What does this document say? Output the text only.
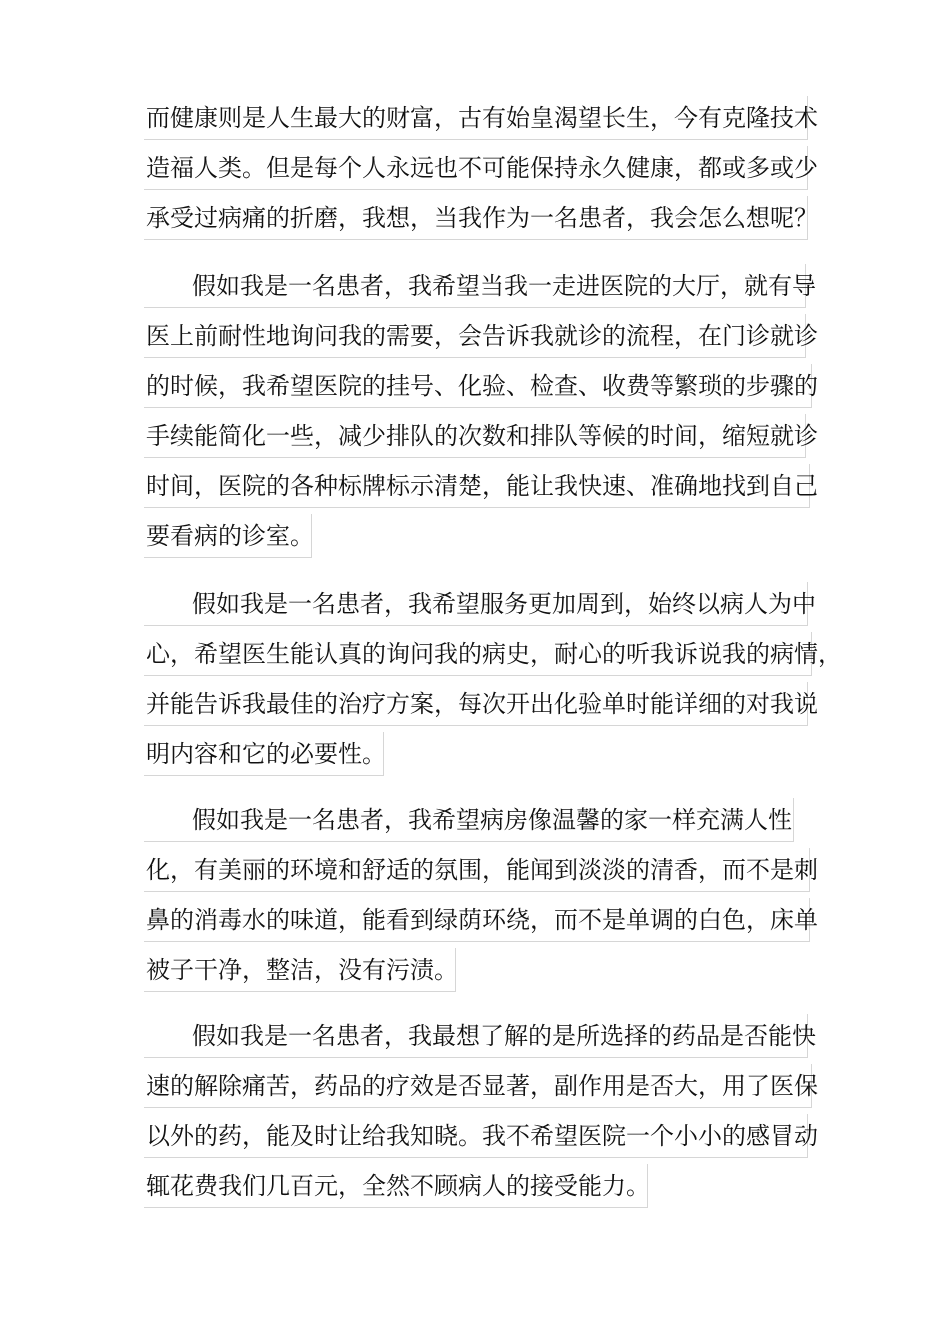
而健康则是人生最大的财富，古有始皇渴望长生，今有克隆技术
造福人类。但是每个人永远也不可能保持永久健康，都或多或少
承受过病痛的折磨，我想，当我作为一名患者，我会怎么想呢？
假如我是一名患者，我希望当我一走进医院的大厅，就有导
医上前耐性地询问我的需要，会告诉我就诊的流程，在门诊就诊
的时候，我希望医院的挂号、化验、检查、收费等繁琐的步骤的
手续能简化一些，减少排队的次数和排队等候的时间，缩短就诊
时间，医院的各种标牌标示清楚，能让我快速、准确地找到自己
要看病的诊室。
假如我是一名患者，我希望服务更加周到，始终以病人为中
心，希望医生能认真的询问我的病史，耐心的听我诉说我的病情，
并能告诉我最佳的治疗方案，每次开出化验单时能详细的对我说
明内容和它的必要性。
假如我是一名患者，我希望病房像温馨的家一样充满人性
化，有美丽的环境和舒适的氛围，能闻到淡淡的清香，而不是刺
鼻的消毒水的味道，能看到绿荫环绕，而不是单调的白色，床单
被子干净，整洁，没有污渍。
假如我是一名患者，我最想了解的是所选择的药品是否能快
速的解除痛苦，药品的疗效是否显著，副作用是否大，用了医保
以外的药，能及时让给我知晓。我不希望医院一个小小的感冒动
辄花费我们几百元，全然不顾病人的接受能力。
